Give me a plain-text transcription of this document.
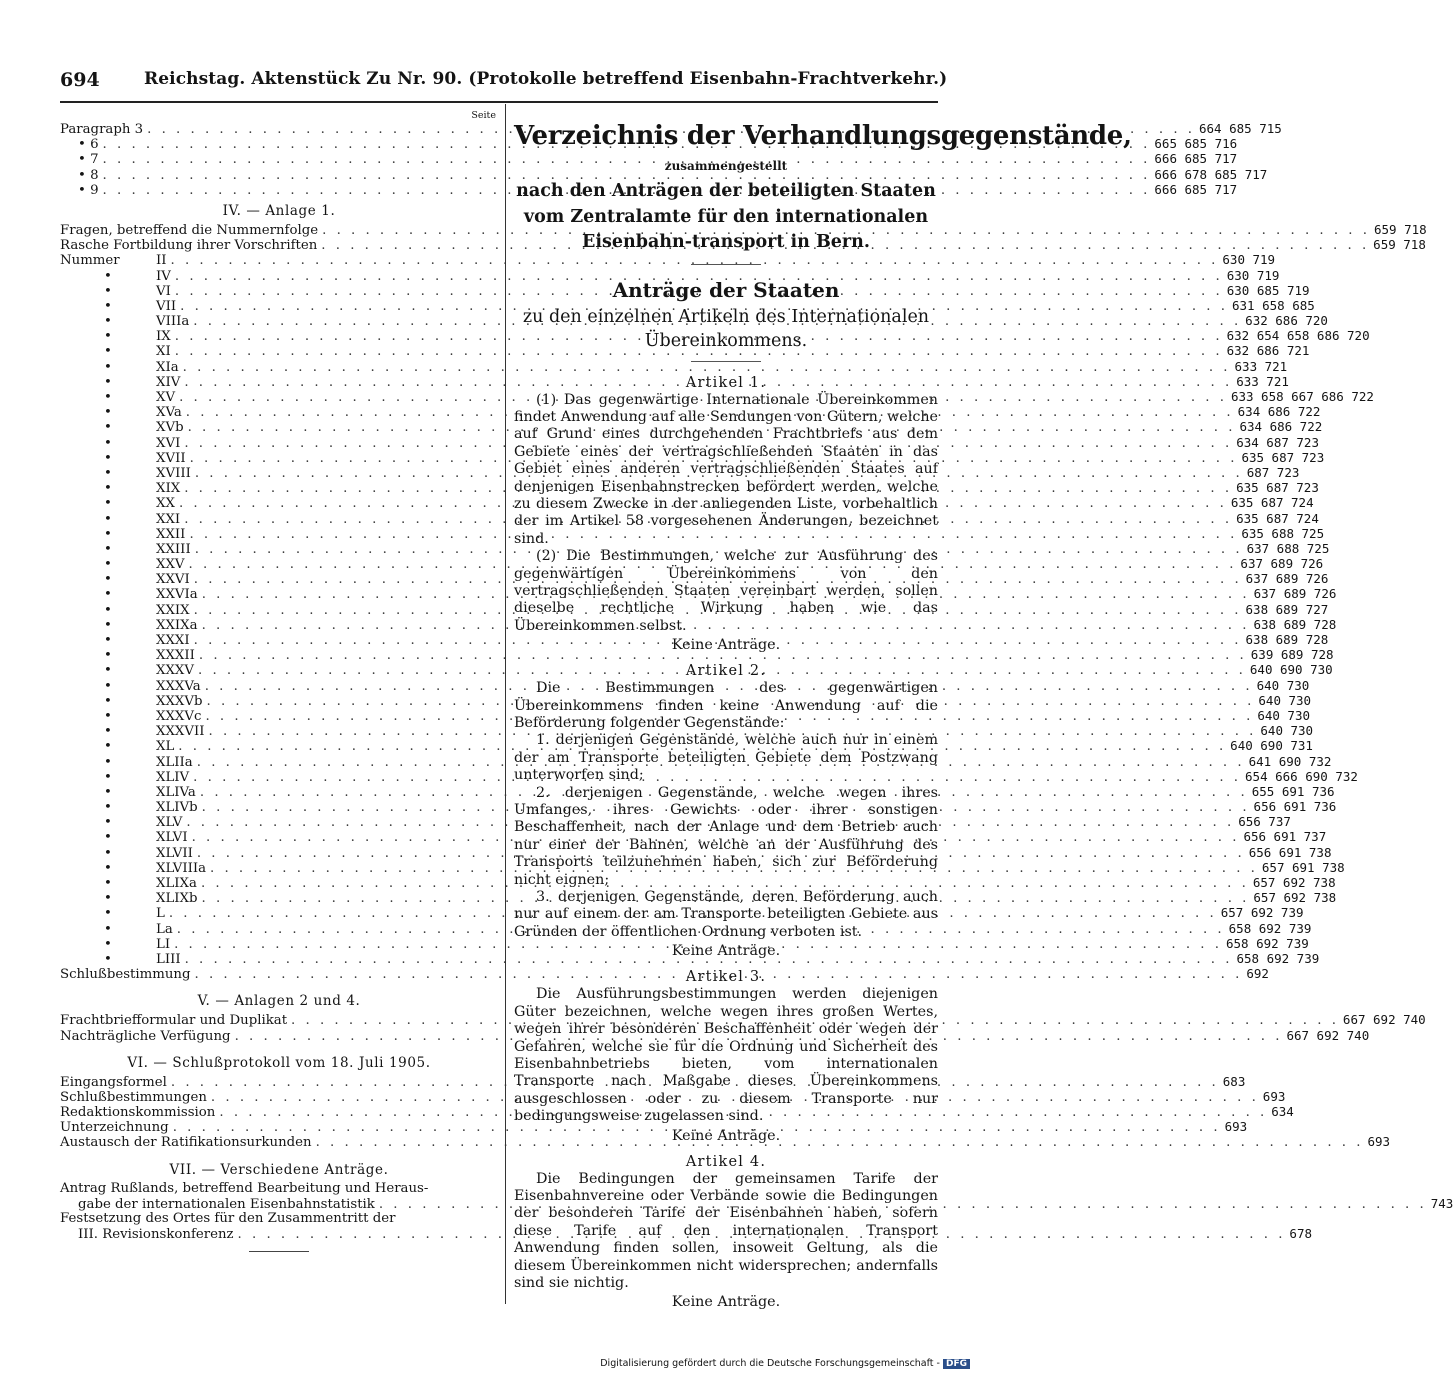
694	Reichstag. Aktenstück Zu Nr. 90. (Protokolle betreffend Eisenbahn-Frachtverkehr.)
Seite
Paragraph 3 . . .	664 685 715
• 6 . . .	665 685 716
• 7 . . .	666 685 717
• 8 . . .	666 678 685 717
• 9 . . .	666 685 717
IV. — Anlage 1.
Fragen, betreffend die Nummernfolge . . .	659 718
Rasche Fortbildung ihrer Vorschriften . . .	659 718
Nummer	II . . .	630 719
•	IV . . .	630 719
•	VI . . .	630 685 719
•	VII . . .	631 658 685
•	VIIIa . . .	632 686 720
•	IX . . .	632 654 658 686 720
•	XI . . .	632 686 721
•	XIa . . .	633 721
•	XIV . . .	633 721
•	XV . . .	633 658 667 686 722
•	XVa . . .	634 686 722
•	XVb . . .	634 686 722
•	XVI . . .	634 687 723
•	XVII . . .	635 687 723
•	XVIII . . .	687 723
•	XIX . . .	635 687 723
•	XX . . .	635 687 724
•	XXI . . .	635 687 724
•	XXII . . .	635 688 725
•	XXIII . . .	637 688 725
•	XXV . . .	637 689 726
•	XXVI . . .	637 689 726
•	XXVIa . . .	637 689 726
•	XXIX . . .	638 689 727
•	XXIXa . . .	638 689 728
•	XXXI . . .	638 689 728
•	XXXII . . .	639 689 728
•	XXXV . . .	640 690 730
•	XXXVa . . .	640 730
•	XXXVb . . .	640 730
•	XXXVc . . .	640 730
•	XXXVII . . .	640 730
•	XL . . .	640 690 731
•	XLIIa . . .	641 690 732
•	XLIV . . .	654 666 690 732
•	XLIVa . . .	655 691 736
•	XLIVb . . .	656 691 736
•	XLV . . .	656 737
•	XLVI . . .	656 691 737
•	XLVII . . .	656 691 738
•	XLVIIIa . . .	657 691 738
•	XLIXa . . .	657 692 738
•	XLIXb . . .	657 692 738
•	L . . .	657 692 739
•	La . . .	658 692 739
•	LI . . .	658 692 739
•	LIII . . .	658 692 739
Schlußbestimmung . . .	692
V. — Anlagen 2 und 4.
Frachtbriefformular und Duplikat . . .	667 692 740
Nachträgliche Verfügung . . .	667 692 740
VI. — Schlußprotokoll vom 18. Juli 1905.
Eingangsformel . . .	683
Schlußbestimmungen . . .	693
Redaktionskommission . . .	634
Unterzeichnung . . .	693
Austausch der Ratifikationsurkunden . . .	693
VII. — Verschiedene Anträge.
Antrag Rußlands, betreffend Bearbeitung und Heraus-
gabe der internationalen Eisenbahnstatistik . . .	743
Festsetzung des Ortes für den Zusammentritt der
III. Revisionskonferenz . . .	678
Verzeichnis der Verhandlungsgegenstände,
zusammengestellt
nach den Anträgen der beteiligten Staaten vom Zentralamte für den internationalen Eisenbahn-transport in Bern.
Anträge der Staaten
zu den einzelnen Artikeln des Internationalen Übereinkommens.
Artikel 1.

(1) Das gegenwärtige Internationale Übereinkommen findet Anwendung auf alle Sendungen von Gütern, welche auf Grund eines durchgehenden Frachtbriefs aus dem Gebiete eines der vertragschließenden Staaten in das Gebiet eines anderen vertragschließenden Staates auf denjenigen Eisenbahnstrecken befördert werden, welche zu diesem Zwecke in der anliegenden Liste, vorbehaltlich der im Artikel 58 vorgesehenen Änderungen, bezeichnet sind.

(2) Die Bestimmungen, welche zur Ausführung des gegenwärtigen Übereinkommens von den vertragschließenden Staaten vereinbart werden, sollen dieselbe rechtliche Wirkung haben wie das Übereinkommen selbst.

Keine Anträge.
Artikel 2.

Die Bestimmungen des gegenwärtigen Übereinkommens finden keine Anwendung auf die Beförderung folgender Gegenstände:

1. derjenigen Gegenstände, welche auch nur in einem der am Transporte beteiligten Gebiete dem Postzwang unterworfen sind;

2. derjenigen Gegenstände, welche wegen ihres Umfanges, ihres Gewichts oder ihrer sonstigen Beschaffenheit, nach der Anlage und dem Betrieb auch nur einer der Bahnen, welche an der Ausführung des Transports teilzunehmen haben, sich zur Beförderung nicht eignen;

3. derjenigen Gegenstände, deren Beförderung auch nur auf einem der am Transporte beteiligten Gebiete aus Gründen der öffentlichen Ordnung verboten ist.

Keine Anträge.
Artikel 3.

Die Ausführungsbestimmungen werden diejenigen Güter bezeichnen, welche wegen ihres großen Wertes, wegen ihrer besonderen Beschaffenheit oder wegen der Gefahren, welche sie für die Ordnung und Sicherheit des Eisenbahnbetriebs bieten, vom internationalen Transporte nach Maßgabe dieses Übereinkommens ausgeschlossen oder zu diesem Transporte nur bedingungsweise zugelassen sind.

Keine Anträge.
Artikel 4.

Die Bedingungen der gemeinsamen Tarife der Eisenbahnvereine oder Verbände sowie die Bedingungen der besonderen Tarife der Eisenbahnen haben, sofern diese Tarife auf den internationalen Transport Anwendung finden sollen, insoweit Geltung, als die diesem Übereinkommen nicht widersprechen; andernfalls sind sie nichtig.

Keine Anträge.
Digitalisierung gefördert durch die Deutsche Forschungsgemeinschaft - DFG
